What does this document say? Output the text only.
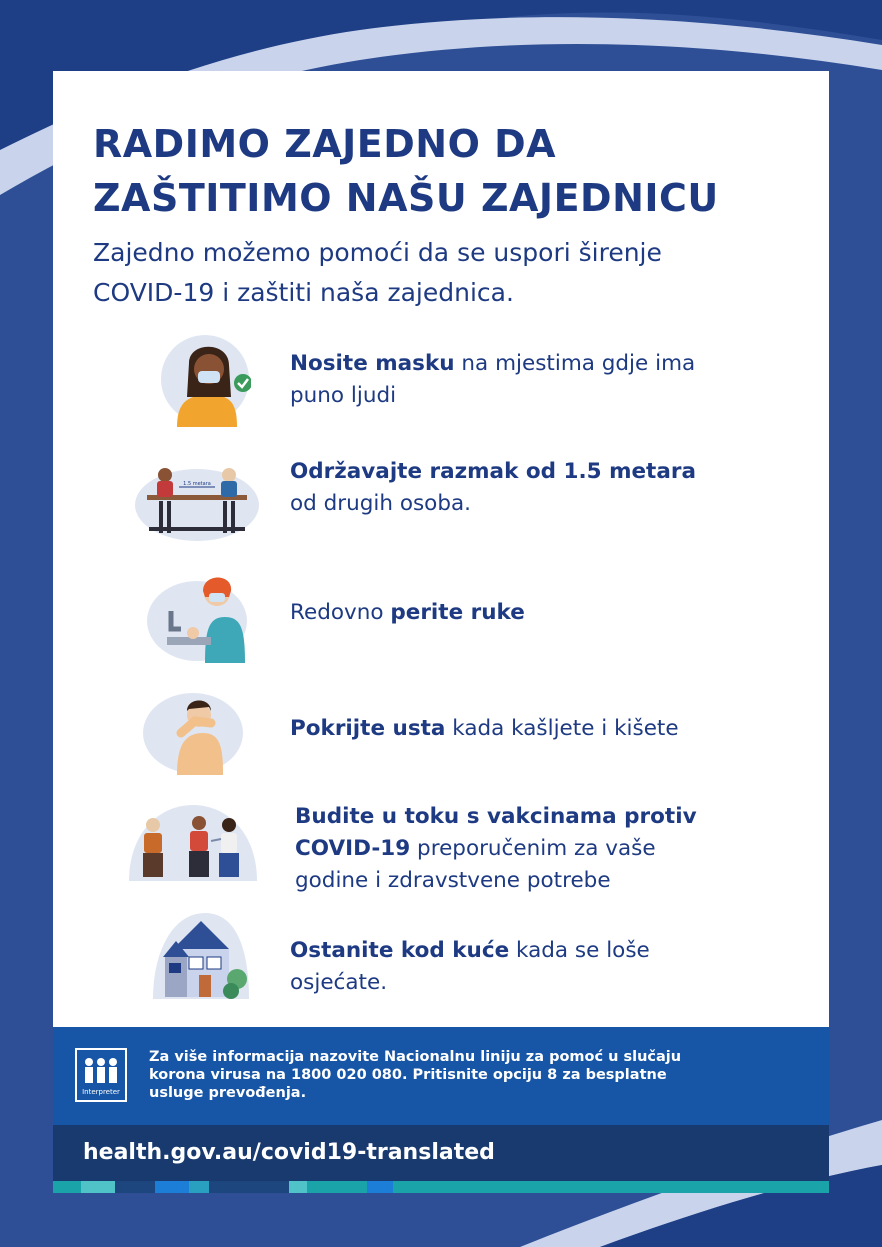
RADIMO ZAJEDNO DA
ZAŠTITIMO NAŠU ZAJEDNICU

Zajedno možemo pomoći da se uspori širenje
COVID-19 i zaštiti naša zajednica.

Nosite masku na mjestima gdje ima
puno ljudi
1.5 metara	Održavajte razmak od 1.5 metara
od drugih osoba.
Redovno perite ruke
Pokrijte usta kada kašljete i kišete
Budite u toku s vakcinama protiv
COVID-19 preporučenim za vaše
godine i zdravstvene potrebe
Ostanite kod kuće kada se loše
osjećate.
Interpreter
Za više informacija nazovite Nacionalnu liniju za pomoć u slučaju
korona virusa na 1800 020 080. Pritisnite opciju 8 za besplatne
usluge prevođenja.
health.gov.au/covid19-translated
